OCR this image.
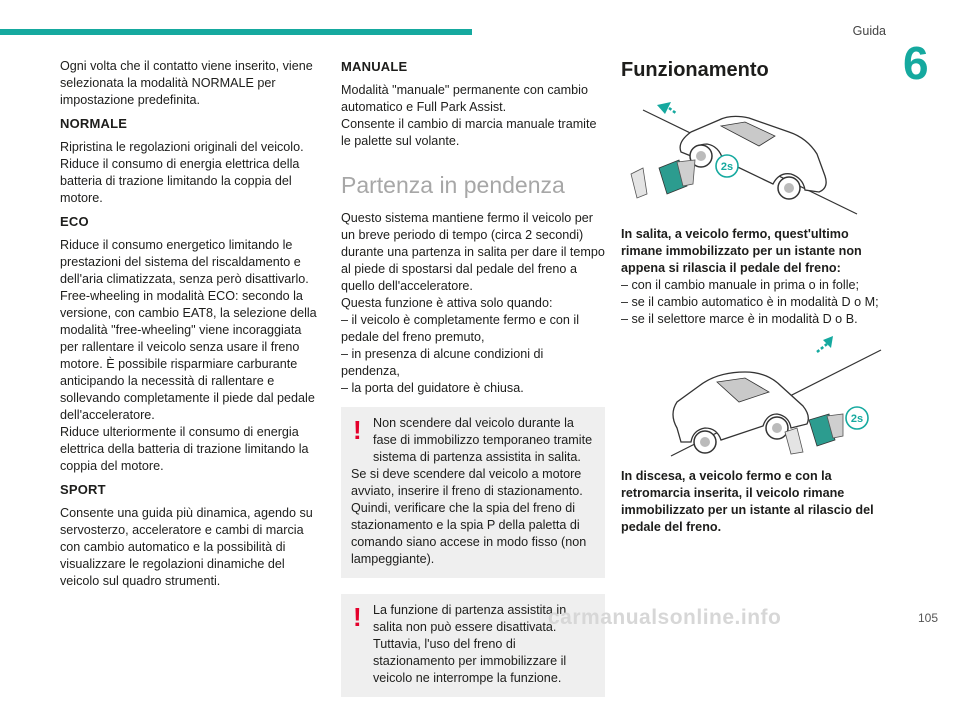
Guida
6

Ogni volta che il contatto viene inserito, viene selezionata la modalità NORMALE per impostazione predefinita.

NORMALE

Ripristina le regolazioni originali del veicolo. Riduce il consumo di energia elettrica della batteria di trazione limitando la coppia del motore.

ECO

Riduce il consumo energetico limitando le prestazioni del sistema del riscaldamento e dell'aria climatizzata, senza però disattivarlo.

Free-wheeling in modalità ECO: secondo la versione, con cambio EAT8, la selezione della modalità "free-wheeling" viene incoraggiata per rallentare il veicolo senza usare il freno motore. È possibile risparmiare carburante anticipando la necessità di rallentare e sollevando completamente il piede dal pedale dell'acceleratore.

Riduce ulteriormente il consumo di energia elettrica della batteria di trazione limitando la coppia del motore.

SPORT

Consente una guida più dinamica, agendo su servosterzo, acceleratore e cambi di marcia con cambio automatico e la possibilità di visualizzare le regolazioni dinamiche del veicolo sul quadro strumenti.

MANUALE

Modalità "manuale" permanente con cambio automatico e Full Park Assist.

Consente il cambio di marcia manuale tramite le palette sul volante.

Partenza in pendenza

Questo sistema mantiene fermo il veicolo per un breve periodo di tempo (circa 2 secondi) durante una partenza in salita per dare il tempo al piede di spostarsi dal pedale del freno a quello dell'acceleratore.

Questa funzione è attiva solo quando:

– il veicolo è completamente fermo e con il pedale del freno premuto,
– in presenza di alcune condizioni di pendenza,
– la porta del guidatore è chiusa.
! Non scendere dal veicolo durante la fase di immobilizzo temporaneo tramite sistema di partenza assistita in salita.
Se si deve scendere dal veicolo a motore avviato, inserire il freno di stazionamento. Quindi, verificare che la spia del freno di stazionamento e la spia P della paletta di comando siano accese in modo fisso (non lampeggiante).
! La funzione di partenza assistita in salita non può essere disattivata. Tuttavia, l'uso del freno di stazionamento per immobilizzare il veicolo ne interrompe la funzione.
Funzionamento
2s

In salita, a veicolo fermo, quest'ultimo rimane immobilizzato per un istante non appena si rilascia il pedale del freno:

– con il cambio manuale in prima o in folle;
– se il cambio automatico è in modalità D o M;
– se il selettore marce è in modalità D o B.
2s

In discesa, a veicolo fermo e con la retromarcia inserita, il veicolo rimane immobilizzato per un istante al rilascio del pedale del freno.

carmanualsonline.info	105
